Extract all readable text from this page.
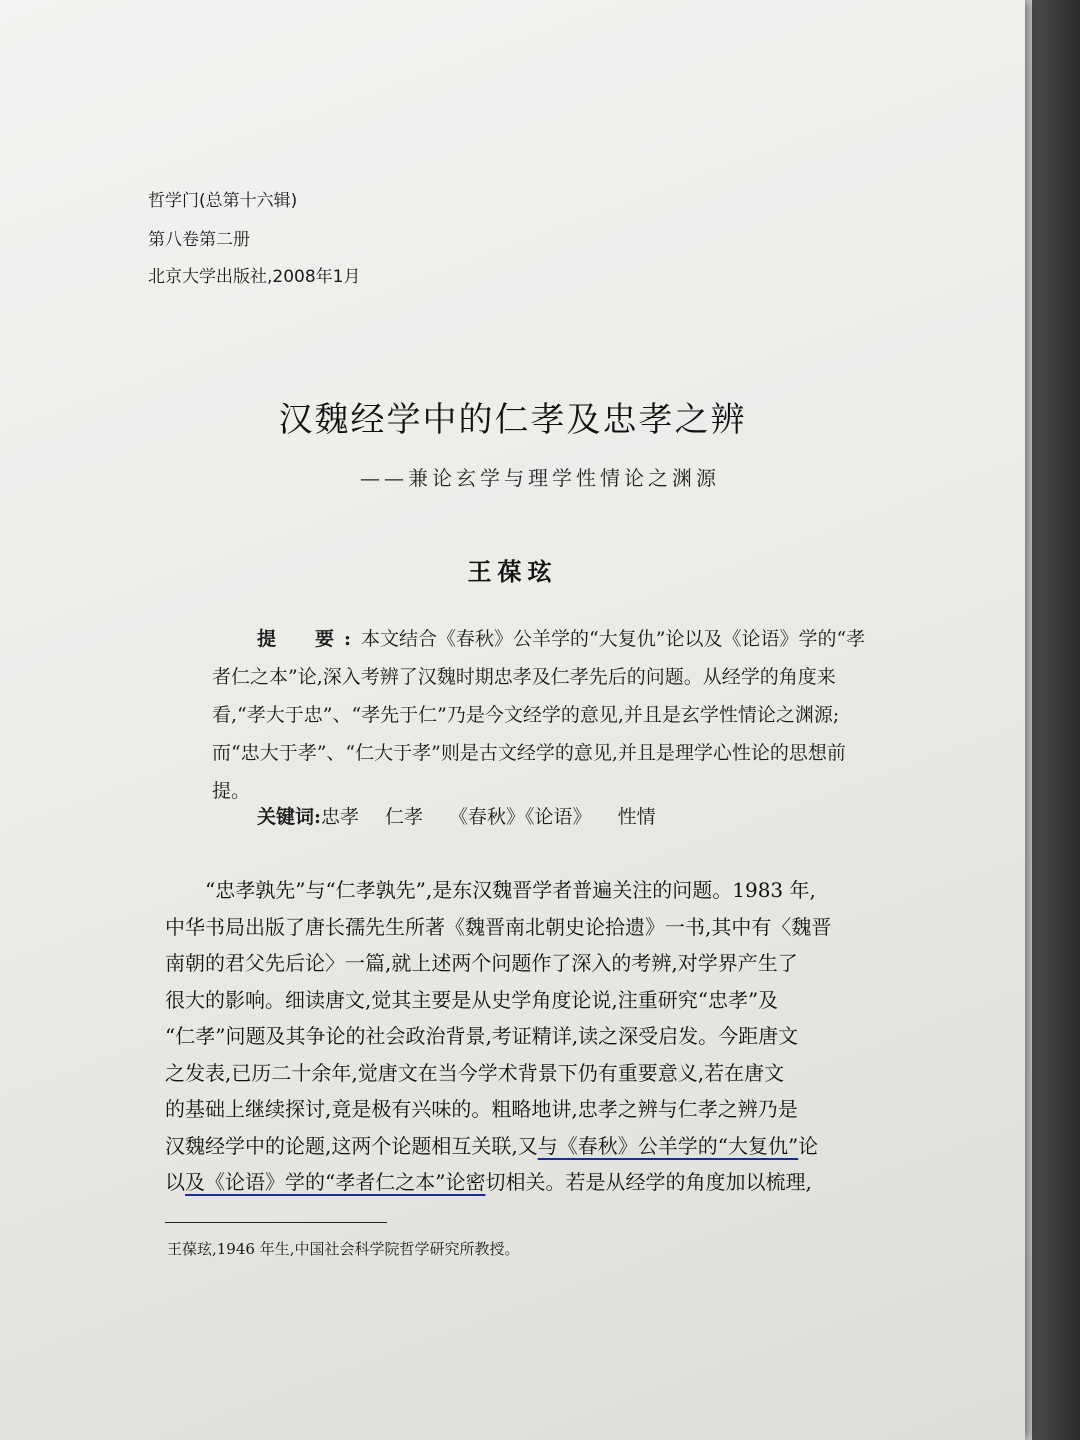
哲学门(总第十六辑)
第八卷第二册
北京大学出版社,2008年1月
汉魏经学中的仁孝及忠孝之辨
——兼论玄学与理学性情论之渊源
王葆玹
提　要:本文结合《春秋》公羊学的“大复仇”论以及《论语》学的“孝者仁之本”论,深入考辨了汉魏时期忠孝及仁孝先后的问题。从经学的角度来看,“孝大于忠”、“孝先于仁”乃是今文经学的意见,并且是玄学性情论之渊源;而“忠大于孝”、“仁大于孝”则是古文经学的意见,并且是理学心性论的思想前提。
关键词:忠孝 仁孝 《春秋》《论语》 性情
“忠孝孰先”与“仁孝孰先”,是东汉魏晋学者普遍关注的问题。1983 年,
中华书局出版了唐长孺先生所著《魏晋南北朝史论拾遗》一书,其中有〈魏晋
南朝的君父先后论〉一篇,就上述两个问题作了深入的考辨,对学界产生了
很大的影响。细读唐文,觉其主要是从史学角度论说,注重研究“忠孝”及
“仁孝”问题及其争论的社会政治背景,考证精详,读之深受启发。今距唐文
之发表,已历二十余年,觉唐文在当今学术背景下仍有重要意义,若在唐文
的基础上继续探讨,竟是极有兴味的。粗略地讲,忠孝之辨与仁孝之辨乃是
汉魏经学中的论题,这两个论题相互关联,又与《春秋》公羊学的“大复仇”论
以及《论语》学的“孝者仁之本”论密切相关。若是从经学的角度加以梳理,
王葆玹,1946 年生,中国社会科学院哲学研究所教授。
